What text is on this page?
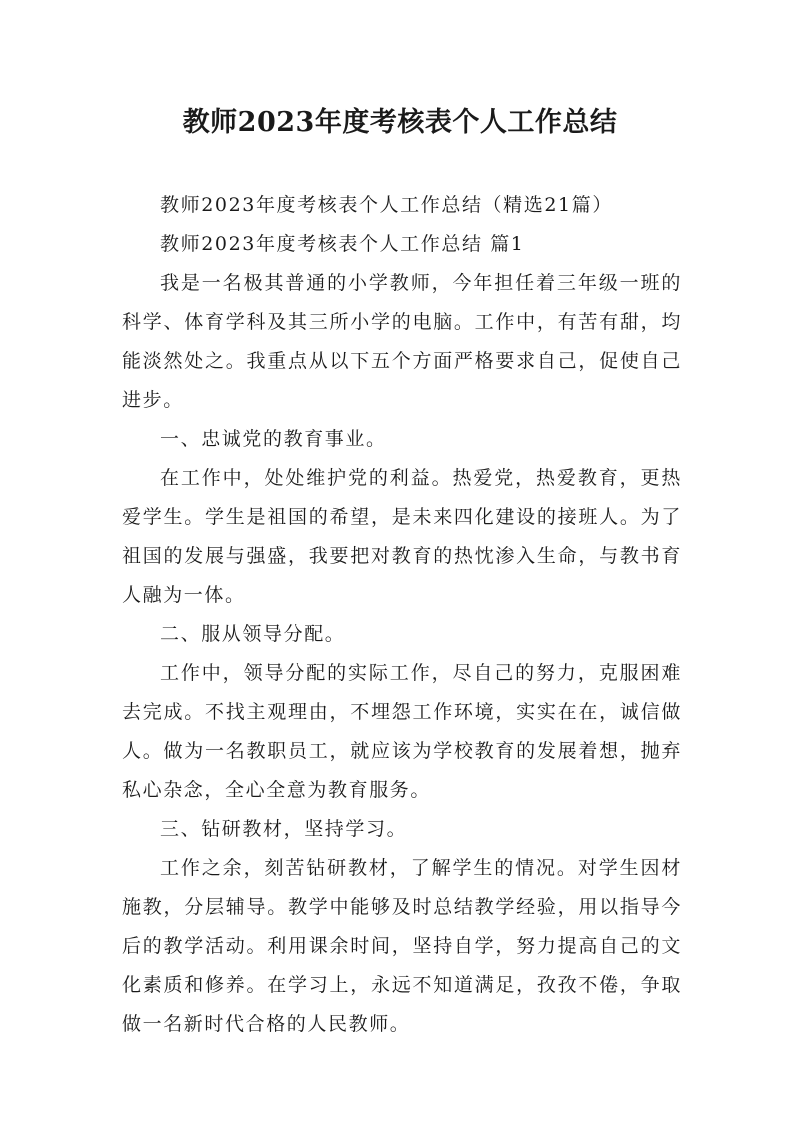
教师2023年度考核表个人工作总结

教师2023年度考核表个人工作总结（精选21篇）

教师2023年度考核表个人工作总结 篇1

我是一名极其普通的小学教师，今年担任着三年级一班的科学、体育学科及其三所小学的电脑。工作中，有苦有甜，均能淡然处之。我重点从以下五个方面严格要求自己，促使自己进步。

一、忠诚党的教育事业。

在工作中，处处维护党的利益。热爱党，热爱教育，更热爱学生。学生是祖国的希望，是未来四化建设的接班人。为了祖国的发展与强盛，我要把对教育的热忱渗入生命，与教书育人融为一体。

二、服从领导分配。

工作中，领导分配的实际工作，尽自己的努力，克服困难去完成。不找主观理由，不埋怨工作环境，实实在在，诚信做人。做为一名教职员工，就应该为学校教育的发展着想，抛弃私心杂念，全心全意为教育服务。

三、钻研教材，坚持学习。

工作之余，刻苦钻研教材，了解学生的情况。对学生因材施教，分层辅导。教学中能够及时总结教学经验，用以指导今后的教学活动。利用课余时间，坚持自学，努力提高自己的文化素质和修养。在学习上，永远不知道满足，孜孜不倦，争取做一名新时代合格的人民教师。
